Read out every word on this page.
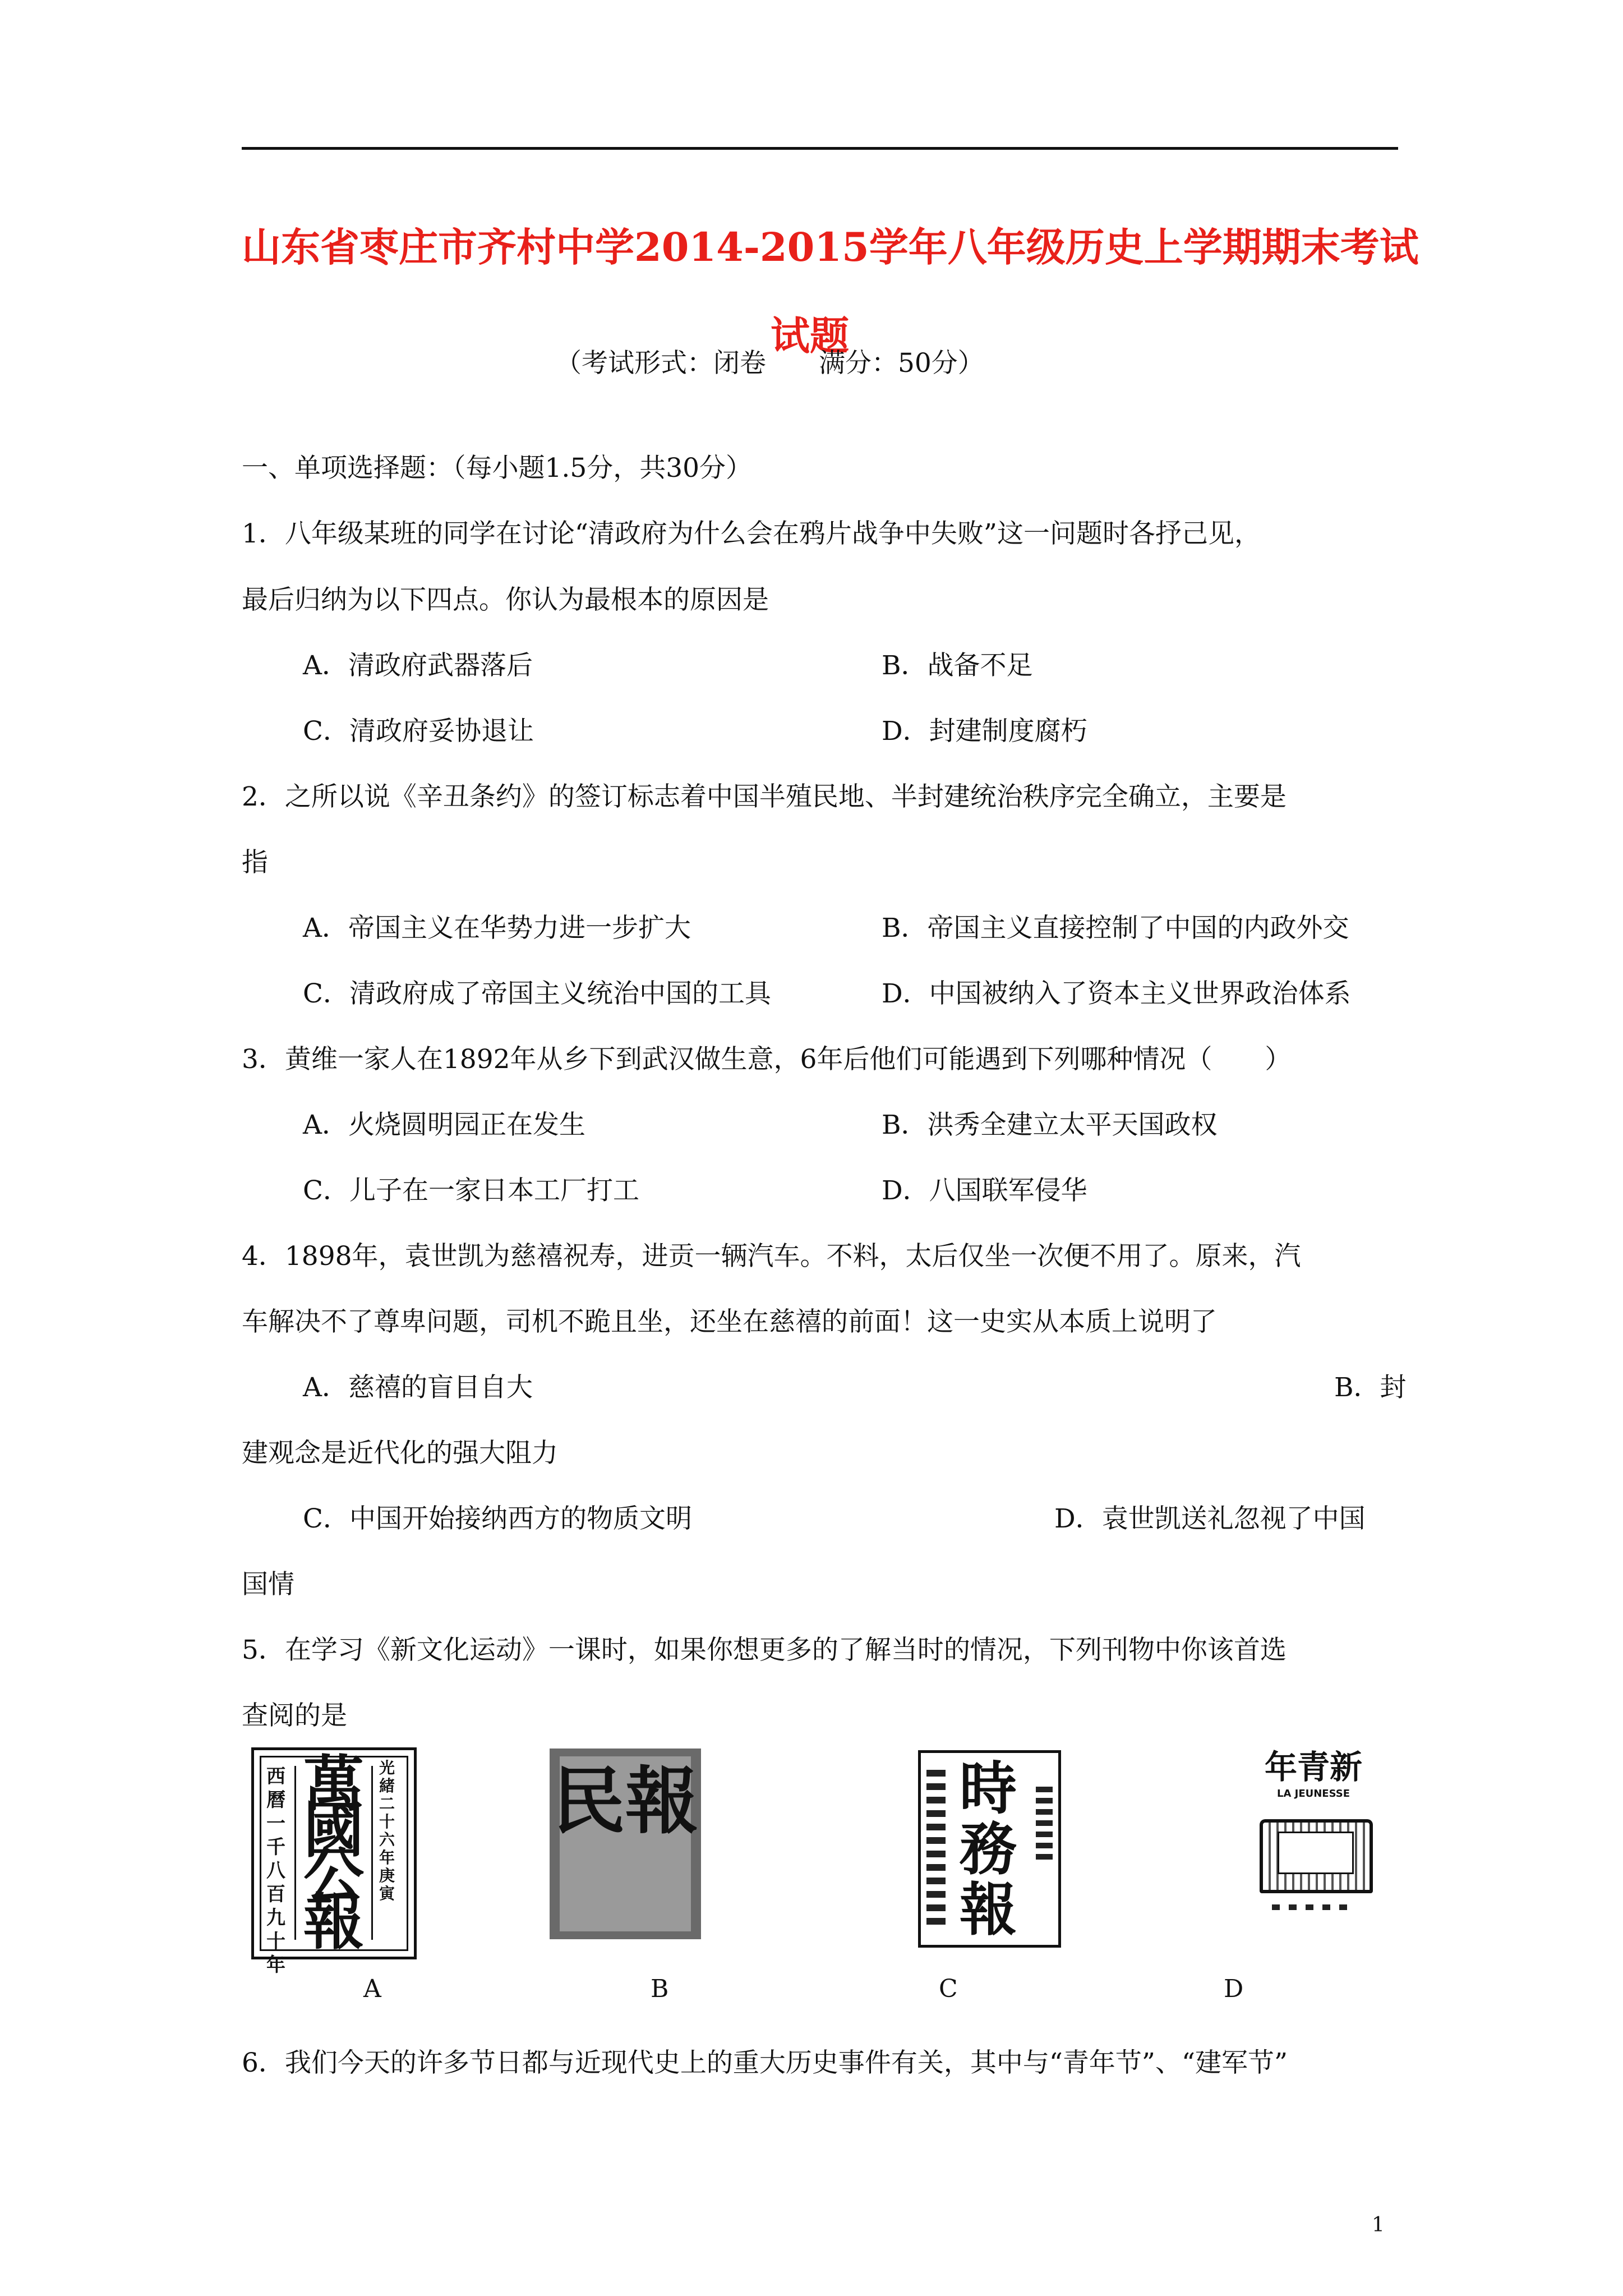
山东省枣庄市齐村中学2014-2015学年八年级历史上学期期末考试
试题
（考试形式：闭卷　　满分：50分）
一、单项选择题：（每小题1.5分，共30分）
1．八年级某班的同学在讨论“清政府为什么会在鸦片战争中失败”这一问题时各抒己见，
最后归纳为以下四点。你认为最根本的原因是
A．清政府武器落后	B．战备不足
C．清政府妥协退让	D．封建制度腐朽
2．之所以说《辛丑条约》的签订标志着中国半殖民地、半封建统治秩序完全确立，主要是
指
A．帝国主义在华势力进一步扩大	B．帝国主义直接控制了中国的内政外交
C．清政府成了帝国主义统治中国的工具	D．中国被纳入了资本主义世界政治体系
3．黄维一家人在1892年从乡下到武汉做生意，6年后他们可能遇到下列哪种情况（　　）
A．火烧圆明园正在发生	B．洪秀全建立太平天国政权
C．儿子在一家日本工厂打工	D．八国联军侵华
4．1898年，袁世凯为慈禧祝寿，进贡一辆汽车。不料，太后仅坐一次便不用了。原来，汽
车解决不了尊卑问题，司机不跪且坐，还坐在慈禧的前面！这一史实从本质上说明了
A．慈禧的盲目自大	B．封
建观念是近代化的强大阻力
C．中国开始接纳西方的物质文明	D．袁世凯送礼忽视了中国
国情
5．在学习《新文化运动》一课时，如果你想更多的了解当时的情况，下列刊物中你该首选
查阅的是
西曆一千八百九十年
光緒二十六年庚寅
萬國公報
A
民報
B
時務報
C
新青年
LA JEUNESSE
D
6．我们今天的许多节日都与近现代史上的重大历史事件有关，其中与“青年节”、“建军节”
1
